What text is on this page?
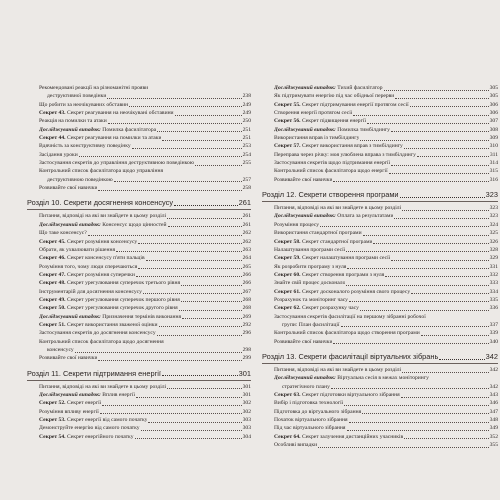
Рекомендовані реакції на різноманітні прояви
деструктивної поведінки	238
Що робити за неочікуваних обставин	249
Секрет 43. Секрет реагування на неочікувані обставини	249
Реакція на помилки та атаки	250
Досліджуваний випадок: Помилка фасилітатора	251
Секрет 44. Секрет реагування на помилки та атаки	251
Вдячність за конструктивну поведінку	253
Засідання уроки	254
Застосування секретів до управління деструктивною поведінкою	255
Контрольний список фасилітатора щодо управління
деструктивною поведінкою	257
Розвивайте свої навички	258
Розділ 10. Секрети досягнення консенсусу	261
Питання, відповіді на які ви знайдете в цьому розділі	261
Досліджуваний випадок: Консенсус щодо цінностей	261
Що таке консенсус?	262
Секрет 45. Секрет розуміння консенсусу	262
Обрати, як ухвалювати рішення	263
Секрет 46. Секрет консенсусу п'яти пальців	264
Розуміння того, чому люди сперечаються	265
Секрет 47. Секрет розуміння суперечки	266
Секрет 48. Секрет урегулювання суперечок третього рівня	266
Інструментарій для досягнення консенсусу	267
Секрет 49. Секрет урегулювання суперечок першого рівня	268
Секрет 50. Секрет урегулювання суперечок другого рівня	268
Досліджуваний випадок: Призначення термінів виконання	269
Секрет 51. Секрет використання зваженої оцінки	292
Застосування секретів до досягнення консенсусу	296
Контрольний список фасилітатора щодо досягнення
консенсусу	298
Розвивайте свої навички	299
Розділ 11. Секрети підтримання енергії	301
Питання, відповіді на які ви знайдете в цьому розділі	301
Досліджуваний випадок: Вплив енергії	301
Секрет 52. Секрет енергії	302
Розуміння впливу енергії	302
Секрет 53. Секрет енергії від самого початку	303
Демонструйте енергію від самого початку	303
Секрет 54. Секрет енергійного початку	304
Досліджуваний випадок: Тихий фасилітатор	305
Як підтримувати енергію під час обідньої перерви	305
Секрет 55. Секрет підтримування енергії протягом сесії	306
Створення енергії протягом сесії	306
Секрет 56. Секрет підвищення енергії	307
Досліджуваний випадок: Помилка тимбілдингу	308
Використання вправ із тимбілдингу	309
Секрет 57. Секрет використання вправ з тимбілдингу	310
Переправа через річку: моя улюблена вправа з тимбілдингу	311
Застосування секретів щодо підтримання енергії	314
Контрольний список фасилітатора щодо енергії	315
Розвивайте свої навички	316
Розділ 12. Секрети створення програми	323
Питання, відповіді на які ви знайдете в цьому розділі	323
Досліджуваний випадок: Оплата за результатами	323
Розуміння процесу	324
Використання стандартної програми	325
Секрет 58. Секрет стандартної програми	326
Налаштування програми сесії	328
Секрет 59. Секрет налаштування програми сесії	329
Як розробити програму з нуля	331
Секрет 60. Секрет створення програми з нуля	332
Знайте свій процес досконало	333
Секрет 61. Секрет досконалого розуміння свого процесу	334
Розрахунок та моніторинг часу	335
Секрет 62. Секрет розрахунку часу	336
Застосування секретів фасилітації на першому зібранні робочої
групи: План фасилітації	337
Контрольний список фасилітатора щодо створення програми	339
Розвивайте свої навички	340
Розділ 13. Секрети фасилітації віртуальних зібрань	342
Питання, відповіді на які ви знайдете в цьому розділі	342
Досліджуваний випадок: Віртуальна сесія в межах моніторингу
стратегічного плану	342
Секрет 63. Секрет підготовки віртуального зібрання	343
Вибір і підготовка технології	346
Підготовка до віртуального зібрання	347
Початок віртуального зібрання	348
Під час віртуального зібрання	349
Секрет 64. Секрет залучення дистанційних учасників	352
Особливі випадки	355
